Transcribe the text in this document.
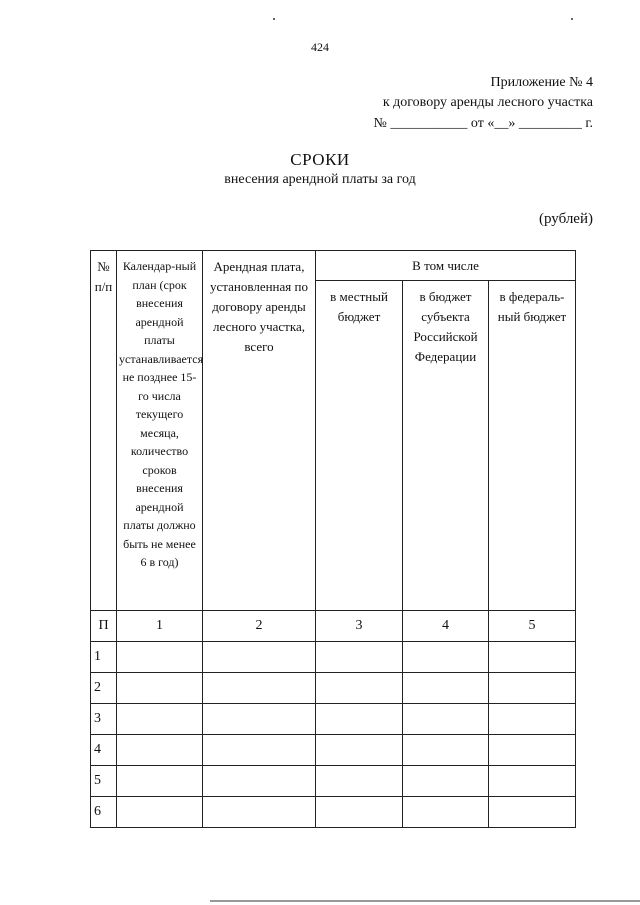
424
Приложение № 4
к договору аренды лесного участка
№ ___________ от «__» _________ г.
СРОКИ
внесения арендной платы за год
(рублей)
№ п/п	Календар-ный план (срок внесения арендной платы устанавливается не позднее 15-го числа текущего месяца, количество сроков внесения арендной платы должно быть не менее 6 в год)	Арендная плата, установленная по договору аренды лесного участка, всего	В том числе		
			в местный бюджет	в бюджет субъекта Российской Федерации	в федераль-ный бюджет
П	1	2	3	4	5
1					
2					
3					
4					
5					
6					
